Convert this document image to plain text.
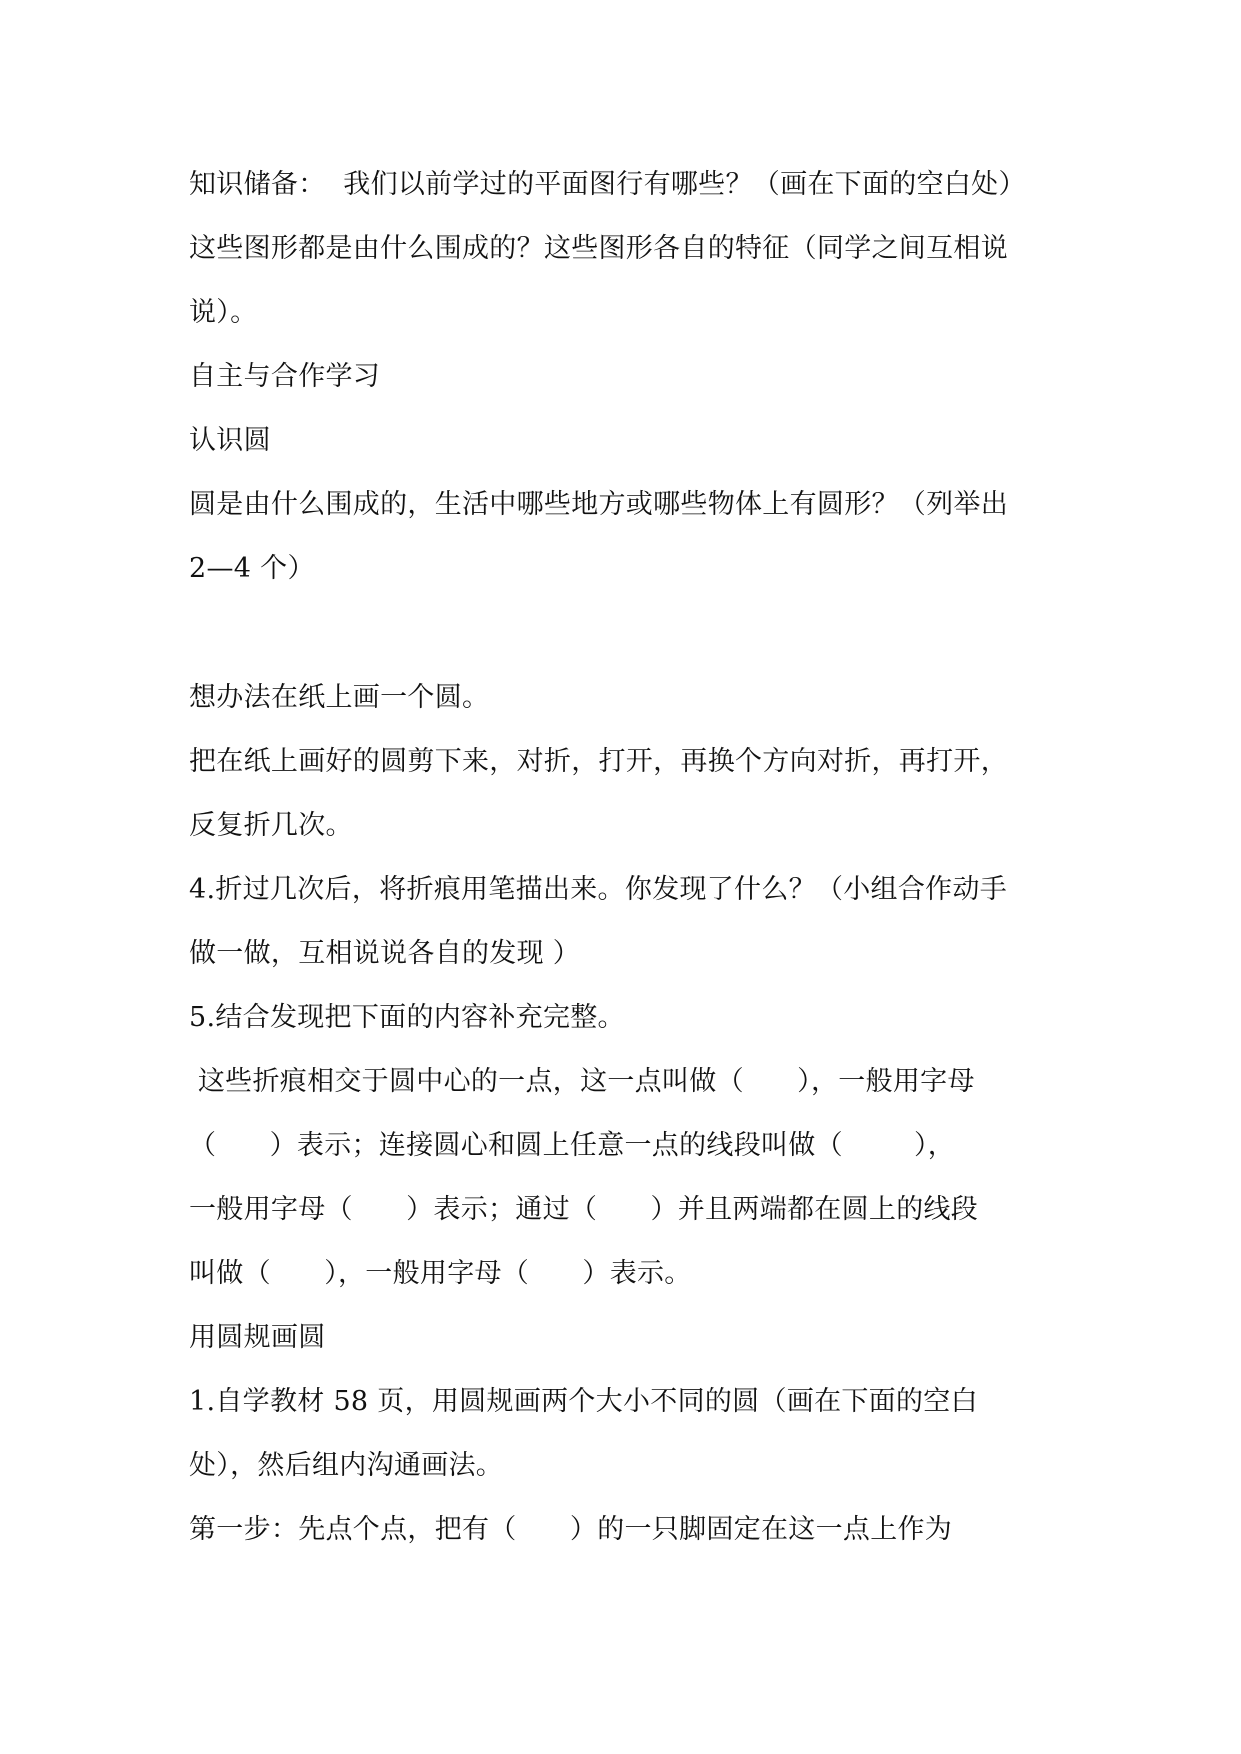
知识储备：  我们以前学过的平面图行有哪些？（画在下面的空白处）
这些图形都是由什么围成的？这些图形各自的特征（同学之间互相说
说）。
自主与合作学习
认识圆
圆是由什么围成的，生活中哪些地方或哪些物体上有圆形？（列举出
2—4 个）
想办法在纸上画一个圆。
把在纸上画好的圆剪下来，对折，打开，再换个方向对折，再打开，
反复折几次。
4.折过几次后，将折痕用笔描出来。你发现了什么？（小组合作动手
做一做，互相说说各自的发现 ）
5.结合发现把下面的内容补充完整。
这些折痕相交于圆中心的一点，这一点叫做（      ），一般用字母
（      ）表示；连接圆心和圆上任意一点的线段叫做（        ），
一般用字母（      ）表示；通过（      ）并且两端都在圆上的线段
叫做（      ），一般用字母（      ）表示。
用圆规画圆
1.自学教材 58 页，用圆规画两个大小不同的圆（画在下面的空白
处），然后组内沟通画法。
第一步：先点个点，把有（      ）的一只脚固定在这一点上作为
